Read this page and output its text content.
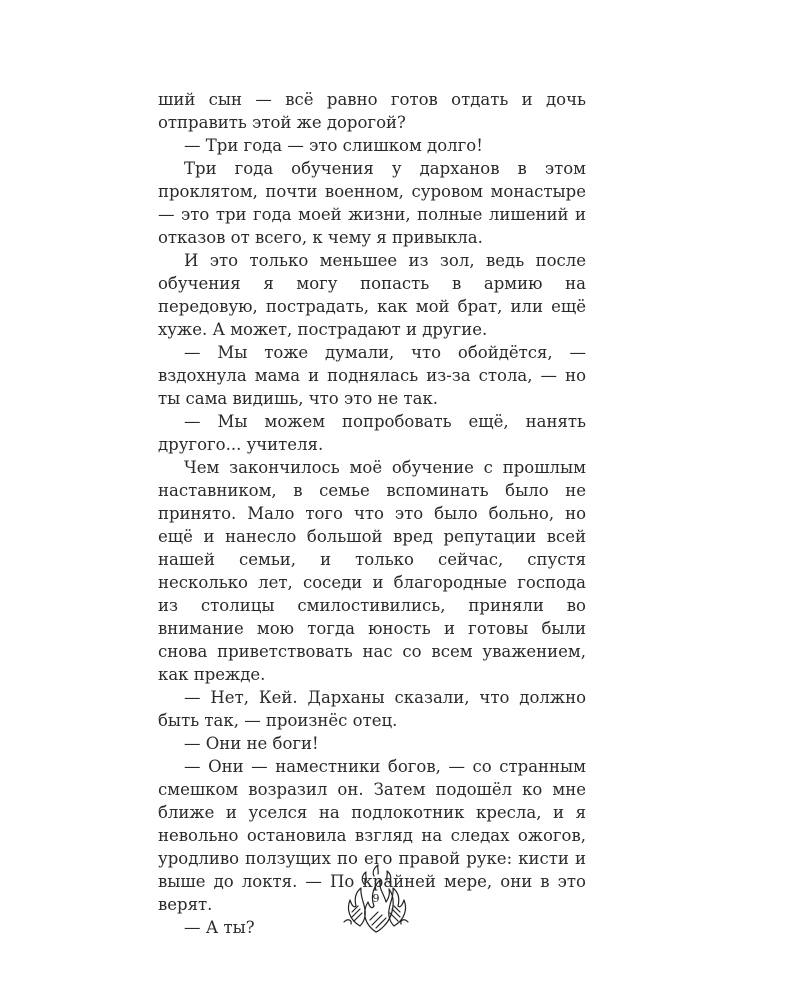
ший сын — всё равно готов отдать и дочь отправить этой же дорогой?

— Три года — это слишком долго!

Три года обучения у дарханов в этом проклятом, почти военном, суровом монастыре — это три года моей жизни, полные лишений и отказов от всего, к чему я привыкла.

И это только меньшее из зол, ведь после обучения я могу попасть в армию на передовую, пострадать, как мой брат, или ещё хуже. А может, пострадают и другие.

— Мы тоже думали, что обойдётся, — вздохнула мама и поднялась из-за стола, — но ты сама видишь, что это не так.

— Мы можем попробовать ещё, нанять другого... учителя.

Чем закончилось моё обучение с прошлым наставником, в семье вспоминать было не принято. Мало того что это было больно, но ещё и нанесло большой вред репутации всей нашей семьи, и только сейчас, спустя несколько лет, соседи и благородные господа из столицы смилостивились, приняли во внимание мою тогда юность и готовы были снова приветствовать нас со всем уважением, как прежде.

— Нет, Кей. Дарханы сказали, что должно быть так, — произнёс отец.

— Они не боги!

— Они — наместники богов, — со странным смешком возразил он. Затем подошёл ко мне ближе и уселся на подлокотник кресла, и я невольно остановила взгляд на следах ожогов, уродливо ползущих по его правой руке: кисти и выше до локтя. — По крайней мере, они в это верят.

— А ты?

9
